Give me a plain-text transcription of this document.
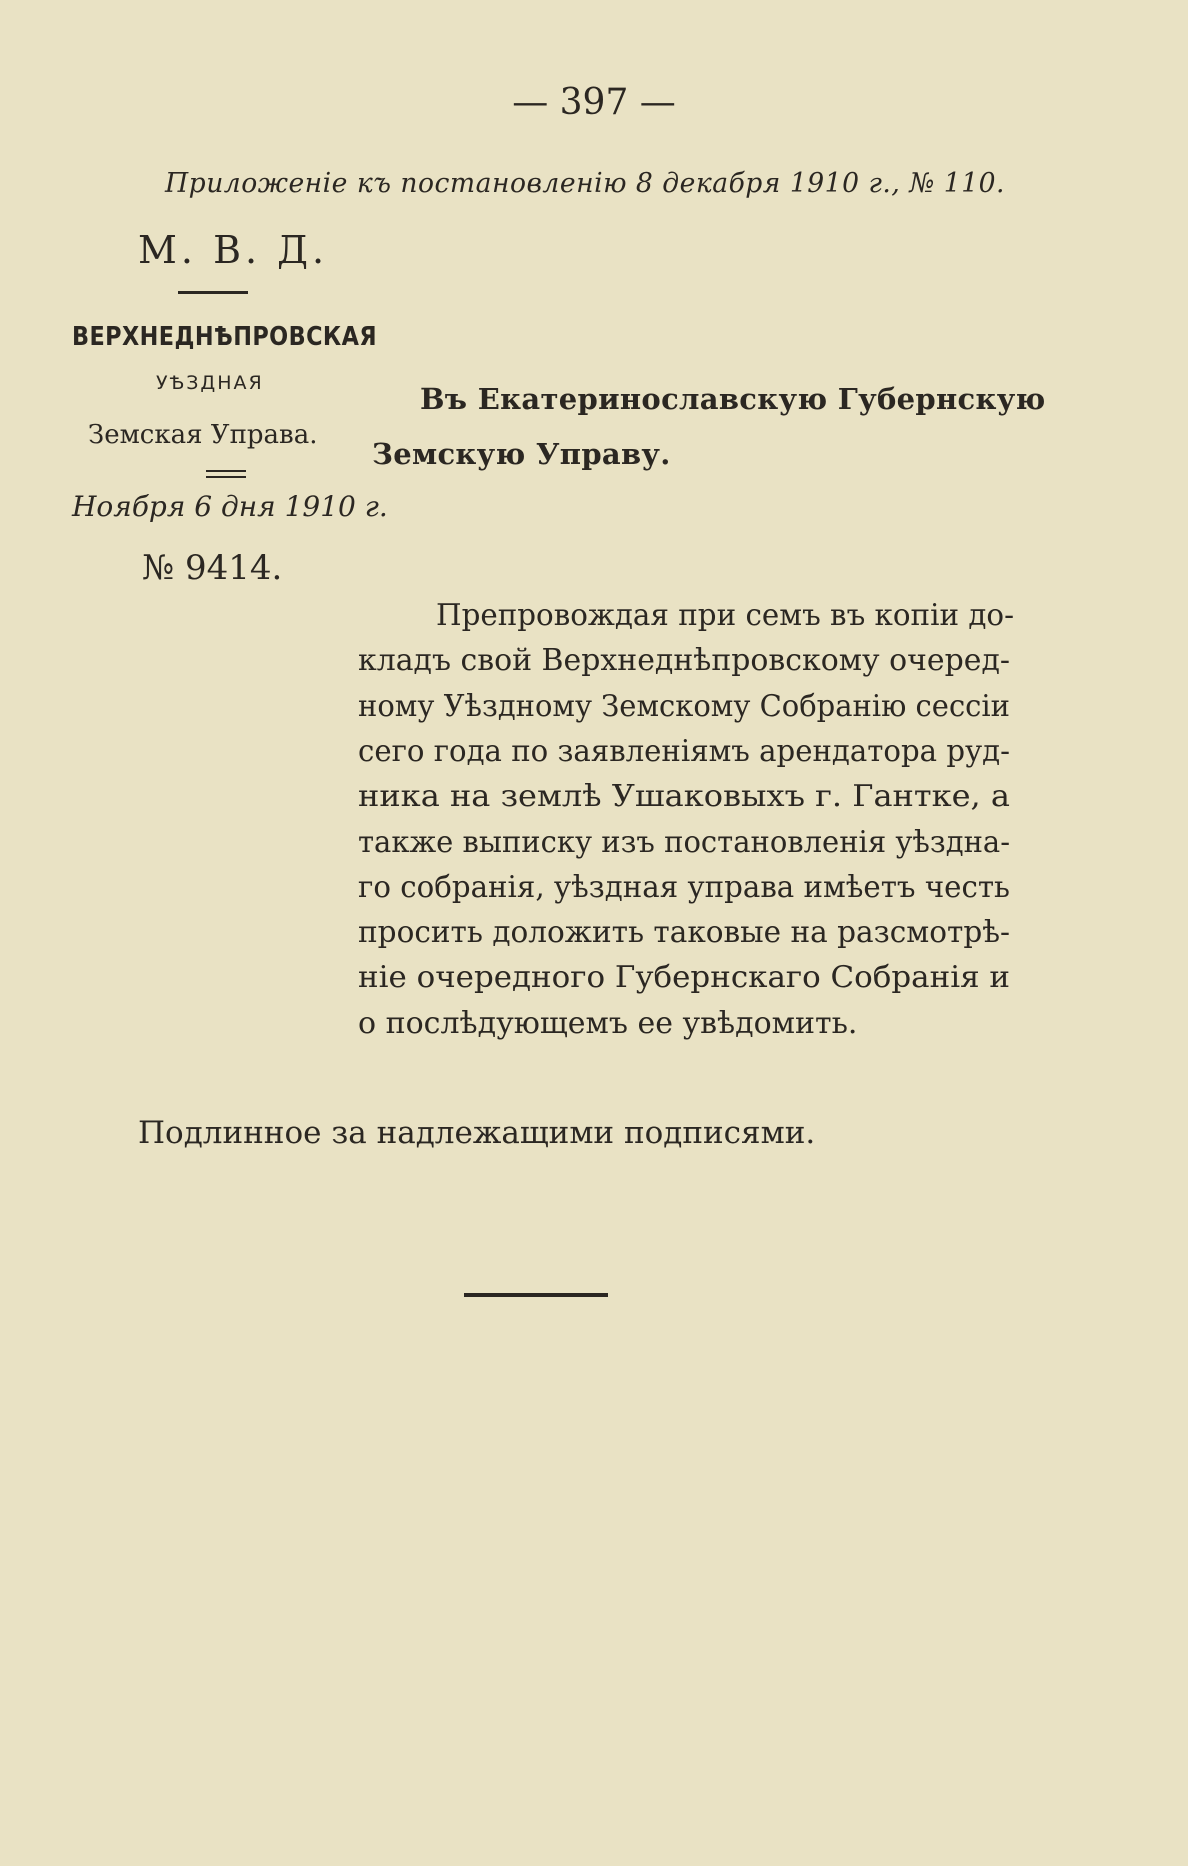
— 397 —
Приложеніе къ постановленію 8 декабря 1910 г., № 110.
М. В. Д.
ВЕРХНЕДНѢПРОВСКАЯ
УѢЗДНАЯ
Земская Управа.
Ноября 6 дня 1910 г.
№ 9414.
Въ Екатеринославскую Губернскую
Земскую Управу.
Препровождая при семъ въ копіи до-
кладъ свой Верхнеднѣпровскому очеред-
ному Уѣздному Земскому Собранію сессіи
сего года по заявленіямъ арендатора руд-
ника на землѣ Ушаковыхъ г. Гантке, а
также выписку изъ постановленія уѣздна-
го собранія, уѣздная управа имѣетъ честь
просить доложить таковые на разсмотрѣ-
ніе очередного Губернскаго Собранія и
о послѣдующемъ ее увѣдомить.
Подлинное за надлежащими подписями.
